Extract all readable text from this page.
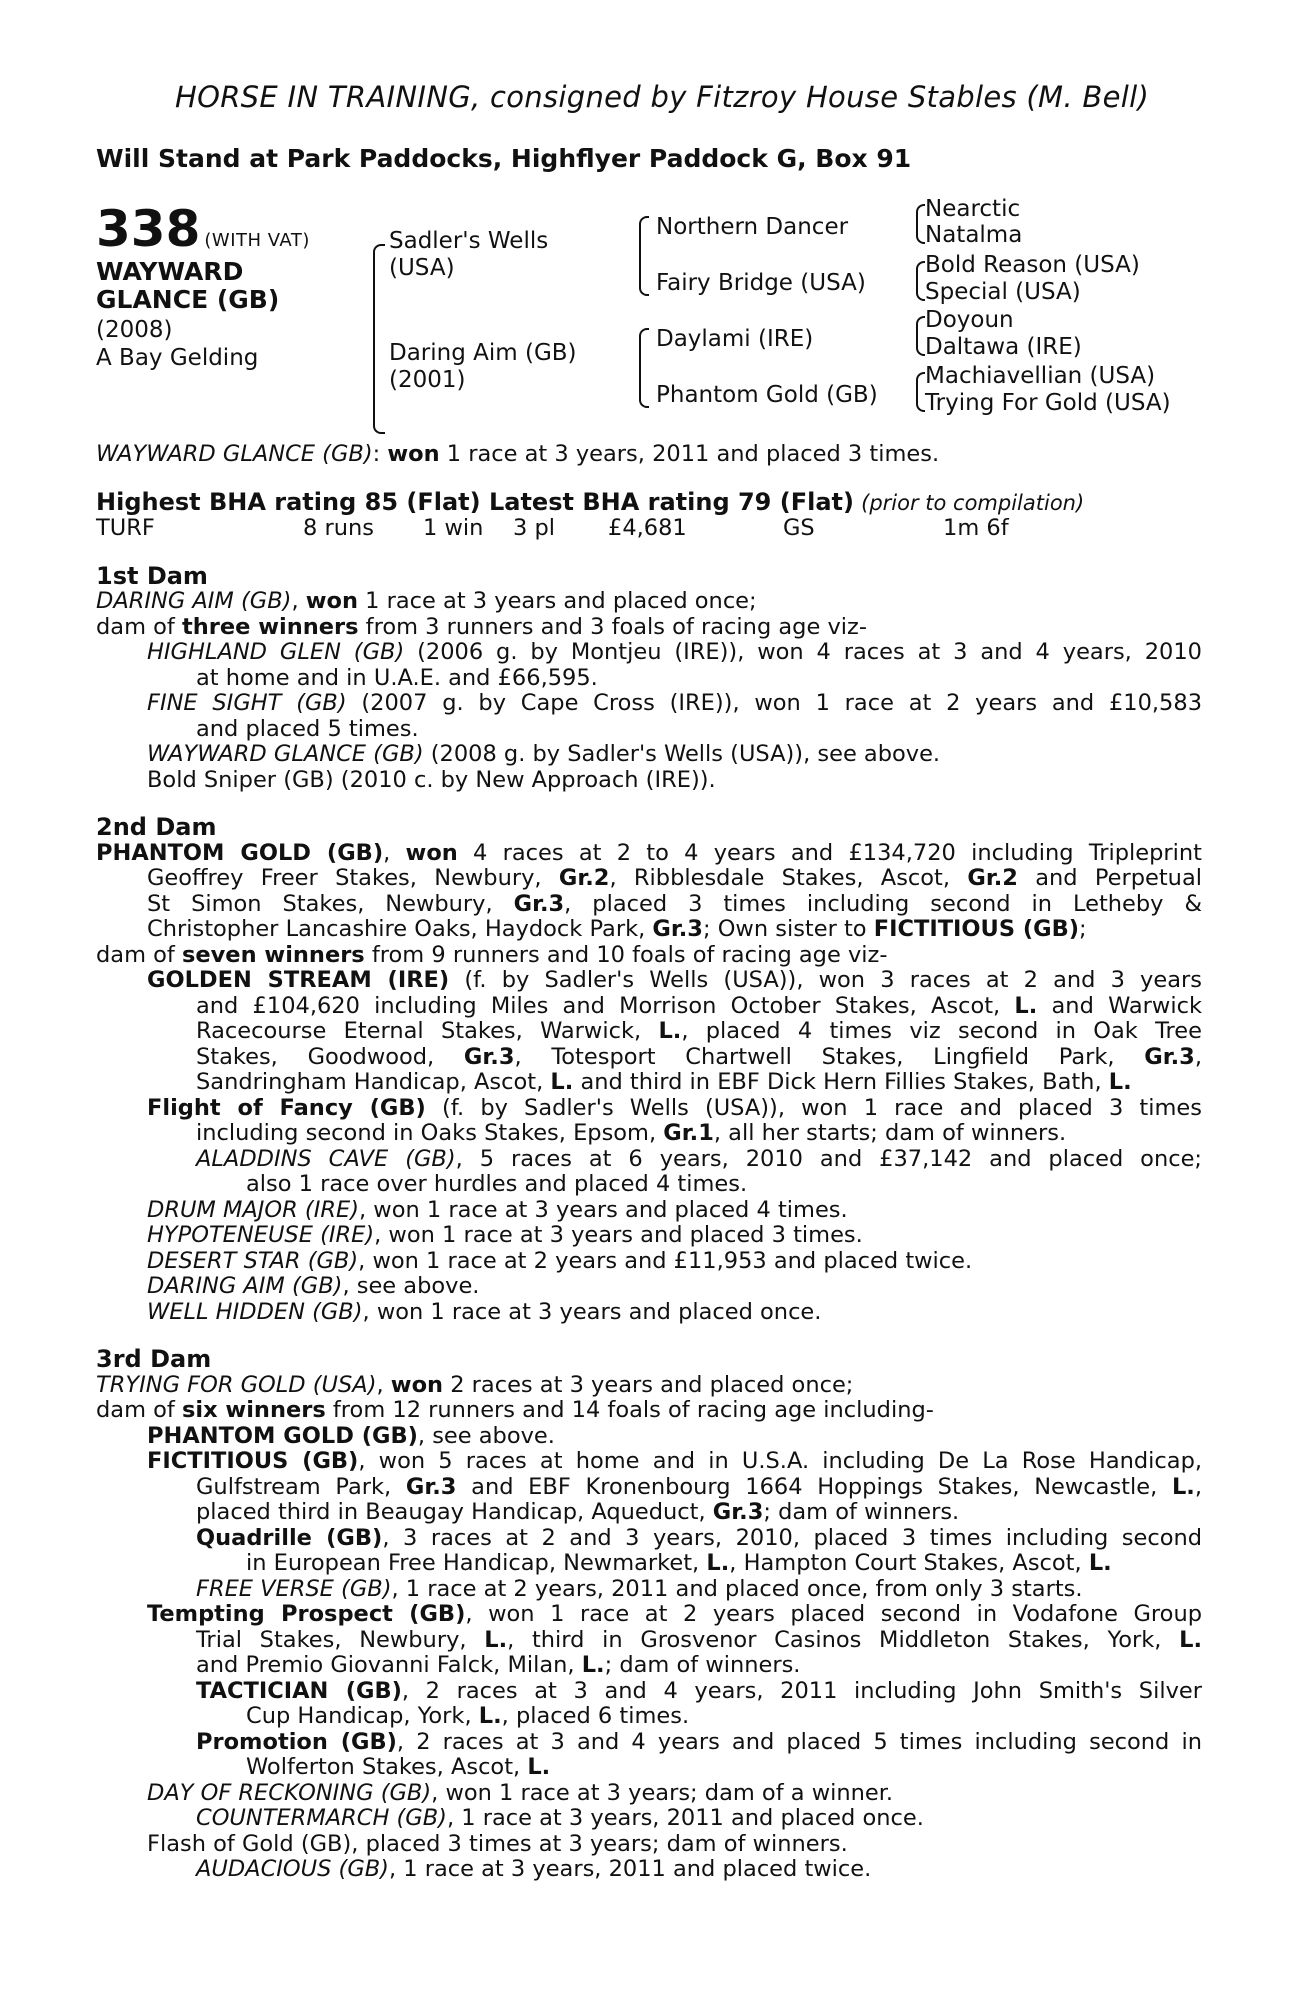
HORSE IN TRAINING, consigned by Fitzroy House Stables (M. Bell)
Will Stand at Park Paddocks, Highflyer Paddock G, Box 91
338 (WITH VAT)
WAYWARD
GLANCE (GB)
(2008)
A Bay Gelding
Sadler's Wells
(USA)
Daring Aim (GB)
(2001)
Northern Dancer
Fairy Bridge (USA)
Daylami (IRE)
Phantom Gold (GB)
Nearctic
Natalma
Bold Reason (USA)
Special (USA)
Doyoun
Daltawa (IRE)
Machiavellian (USA)
Trying For Gold (USA)
WAYWARD GLANCE (GB): won 1 race at 3 years, 2011 and placed 3 times.
Highest BHA rating 85 (Flat) Latest BHA rating 79 (Flat) (prior to compilation)
TURF	8 runs 1 win 3 pl £4,681	GS	1m 6f
1st Dam
DARING AIM (GB), won 1 race at 3 years and placed once;
dam of three winners from 3 runners and 3 foals of racing age viz-
HIGHLAND GLEN (GB) (2006 g. by Montjeu (IRE)), won 4 races at 3 and 4 years, 2010
at home and in U.A.E. and £66,595.
FINE SIGHT (GB) (2007 g. by Cape Cross (IRE)), won 1 race at 2 years and £10,583
and placed 5 times.
WAYWARD GLANCE (GB) (2008 g. by Sadler's Wells (USA)), see above.
Bold Sniper (GB) (2010 c. by New Approach (IRE)).
2nd Dam
PHANTOM GOLD (GB), won 4 races at 2 to 4 years and £134,720 including Tripleprint
Geoffrey Freer Stakes, Newbury, Gr.2, Ribblesdale Stakes, Ascot, Gr.2 and Perpetual
St Simon Stakes, Newbury, Gr.3, placed 3 times including second in Letheby &
Christopher Lancashire Oaks, Haydock Park, Gr.3; Own sister to FICTITIOUS (GB);
dam of seven winners from 9 runners and 10 foals of racing age viz-
GOLDEN STREAM (IRE) (f. by Sadler's Wells (USA)), won 3 races at 2 and 3 years
and £104,620 including Miles and Morrison October Stakes, Ascot, L. and Warwick
Racecourse Eternal Stakes, Warwick, L., placed 4 times viz second in Oak Tree
Stakes, Goodwood, Gr.3, Totesport Chartwell Stakes, Lingfield Park, Gr.3,
Sandringham Handicap, Ascot, L. and third in EBF Dick Hern Fillies Stakes, Bath, L.
Flight of Fancy (GB) (f. by Sadler's Wells (USA)), won 1 race and placed 3 times
including second in Oaks Stakes, Epsom, Gr.1, all her starts; dam of winners.
ALADDINS CAVE (GB), 5 races at 6 years, 2010 and £37,142 and placed once;
also 1 race over hurdles and placed 4 times.
DRUM MAJOR (IRE), won 1 race at 3 years and placed 4 times.
HYPOTENEUSE (IRE), won 1 race at 3 years and placed 3 times.
DESERT STAR (GB), won 1 race at 2 years and £11,953 and placed twice.
DARING AIM (GB), see above.
WELL HIDDEN (GB), won 1 race at 3 years and placed once.
3rd Dam
TRYING FOR GOLD (USA), won 2 races at 3 years and placed once;
dam of six winners from 12 runners and 14 foals of racing age including-
PHANTOM GOLD (GB), see above.
FICTITIOUS (GB), won 5 races at home and in U.S.A. including De La Rose Handicap,
Gulfstream Park, Gr.3 and EBF Kronenbourg 1664 Hoppings Stakes, Newcastle, L.,
placed third in Beaugay Handicap, Aqueduct, Gr.3; dam of winners.
Quadrille (GB), 3 races at 2 and 3 years, 2010, placed 3 times including second
in European Free Handicap, Newmarket, L., Hampton Court Stakes, Ascot, L.
FREE VERSE (GB), 1 race at 2 years, 2011 and placed once, from only 3 starts.
Tempting Prospect (GB), won 1 race at 2 years placed second in Vodafone Group
Trial Stakes, Newbury, L., third in Grosvenor Casinos Middleton Stakes, York, L.
and Premio Giovanni Falck, Milan, L.; dam of winners.
TACTICIAN (GB), 2 races at 3 and 4 years, 2011 including John Smith's Silver
Cup Handicap, York, L., placed 6 times.
Promotion (GB), 2 races at 3 and 4 years and placed 5 times including second in
Wolferton Stakes, Ascot, L.
DAY OF RECKONING (GB), won 1 race at 3 years; dam of a winner.
COUNTERMARCH (GB), 1 race at 3 years, 2011 and placed once.
Flash of Gold (GB), placed 3 times at 3 years; dam of winners.
AUDACIOUS (GB), 1 race at 3 years, 2011 and placed twice.
